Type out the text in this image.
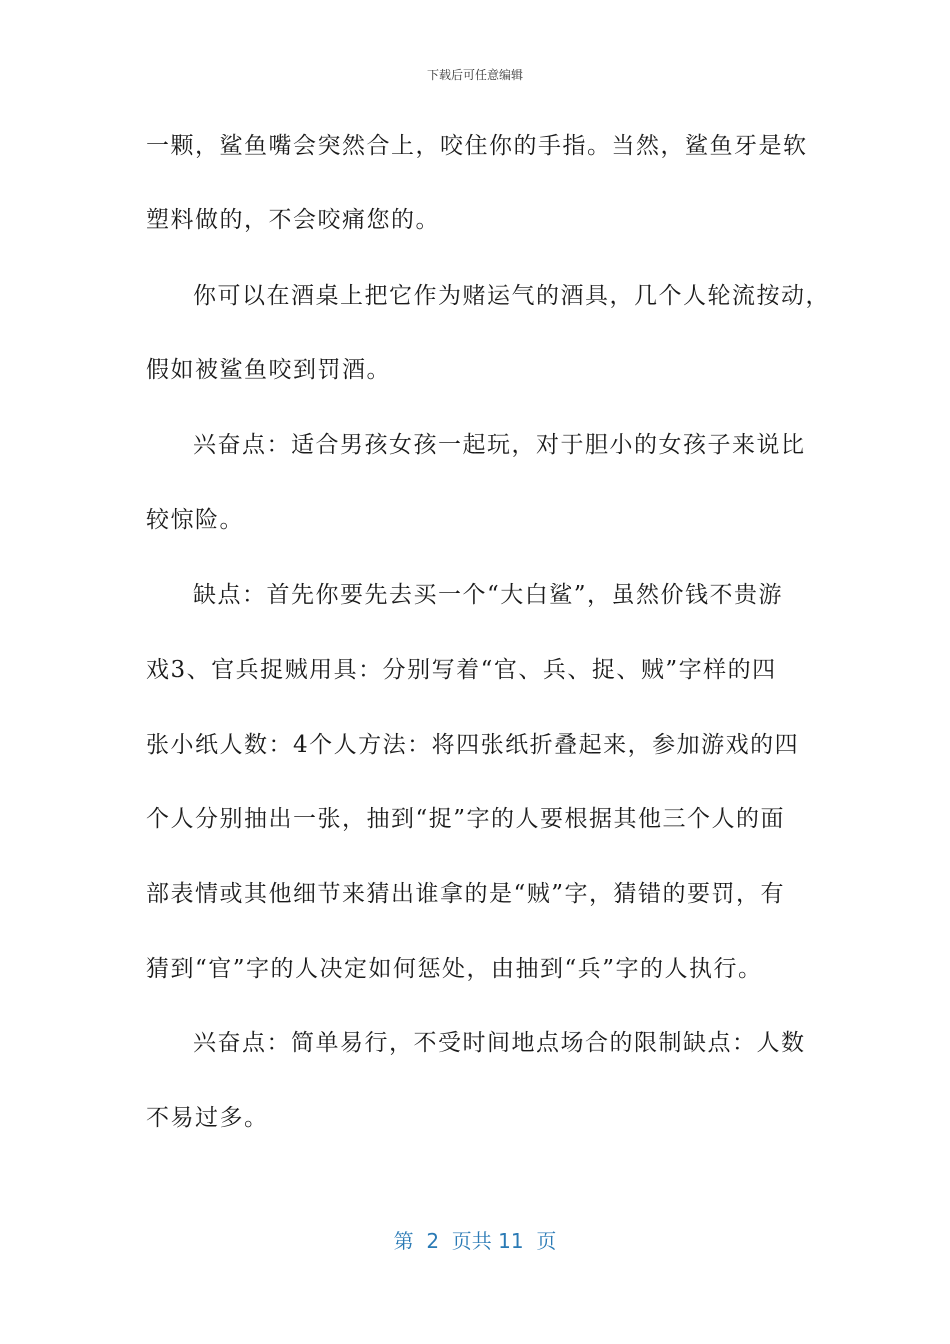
下载后可任意编辑
一颗，鲨鱼嘴会突然合上，咬住你的手指。当然，鲨鱼牙是软
塑料做的，不会咬痛您的。
你可以在酒桌上把它作为赌运气的酒具，几个人轮流按动，
假如被鲨鱼咬到罚酒。
兴奋点：适合男孩女孩一起玩，对于胆小的女孩子来说比
较惊险。
缺点：首先你要先去买一个“大白鲨”，虽然价钱不贵游
戏3、官兵捉贼用具：分别写着“官、兵、捉、贼”字样的四
张小纸人数：4个人方法：将四张纸折叠起来，参加游戏的四
个人分别抽出一张，抽到“捉”字的人要根据其他三个人的面
部表情或其他细节来猜出谁拿的是“贼”字，猜错的要罚，有
猜到“官”字的人决定如何惩处，由抽到“兵”字的人执行。
兴奋点：简单易行，不受时间地点场合的限制缺点：人数
不易过多。
第  2  页共 11  页
